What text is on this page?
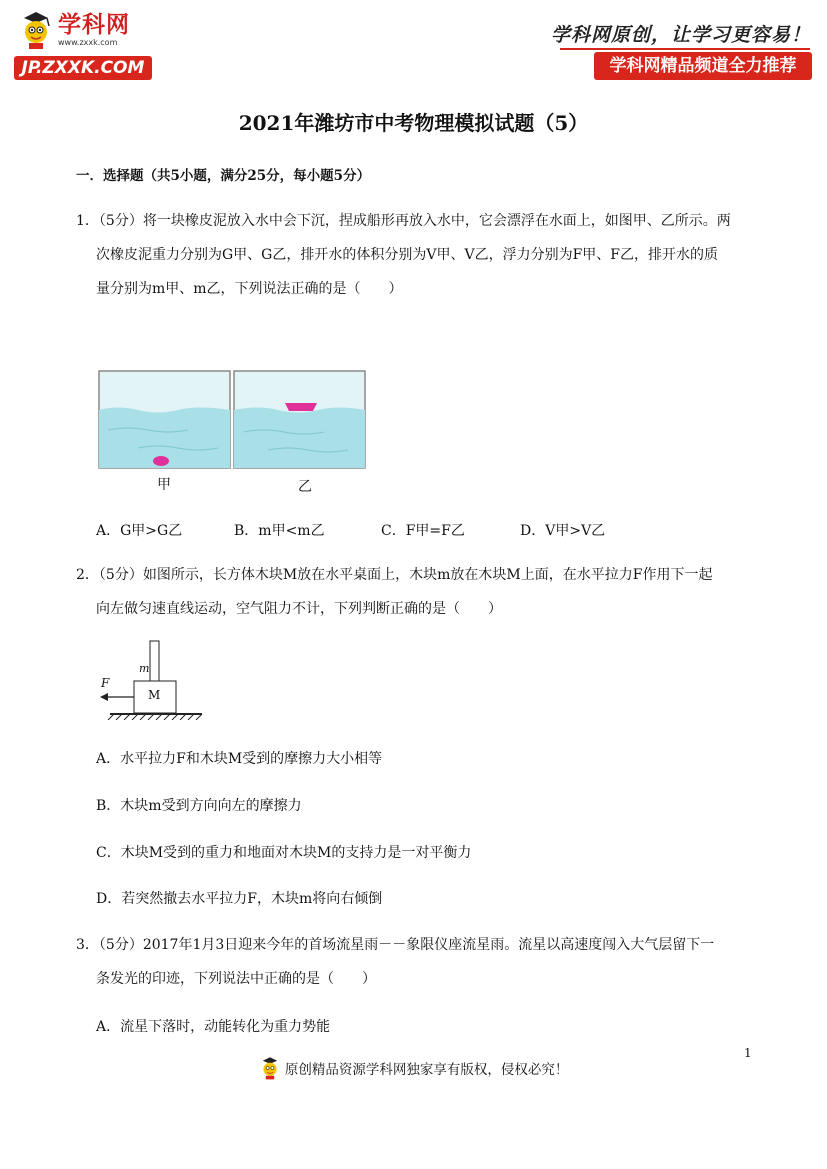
学科网
www.zxxk.com
JP.ZXXK.COM
学科网原创，让学习更容易！
学科网精品频道全力推荐
2021年潍坊市中考物理模拟试题（5）
一．选择题（共5小题，满分25分，每小题5分）
1．（5分）将一块橡皮泥放入水中会下沉，捏成船形再放入水中，它会漂浮在水面上，如图甲、乙所示。两
次橡皮泥重力分别为G甲、G乙，排开水的体积分别为V甲、V乙，浮力分别为F甲、F乙，排开水的质
量分别为m甲、m乙，下列说法正确的是（　　）
甲	乙
A．G甲>G乙	B．m甲<m乙	C．F甲=F乙	D．V甲>V乙
2．（5分）如图所示，长方体木块M放在水平桌面上，木块m放在木块M上面，在水平拉力F作用下一起
向左做匀速直线运动，空气阻力不计，下列判断正确的是（　　）
m
M
F
A．水平拉力F和木块M受到的摩擦力大小相等
B．木块m受到方向向左的摩擦力
C．木块M受到的重力和地面对木块M的支持力是一对平衡力
D．若突然撤去水平拉力F，木块m将向右倾倒
3．（5分）2017年1月3日迎来今年的首场流星雨－－象限仪座流星雨。流星以高速度闯入大气层留下一
条发光的印迹，下列说法中正确的是（　　）
A．流星下落时，动能转化为重力势能
1
原创精品资源学科网独家享有版权，侵权必究！
